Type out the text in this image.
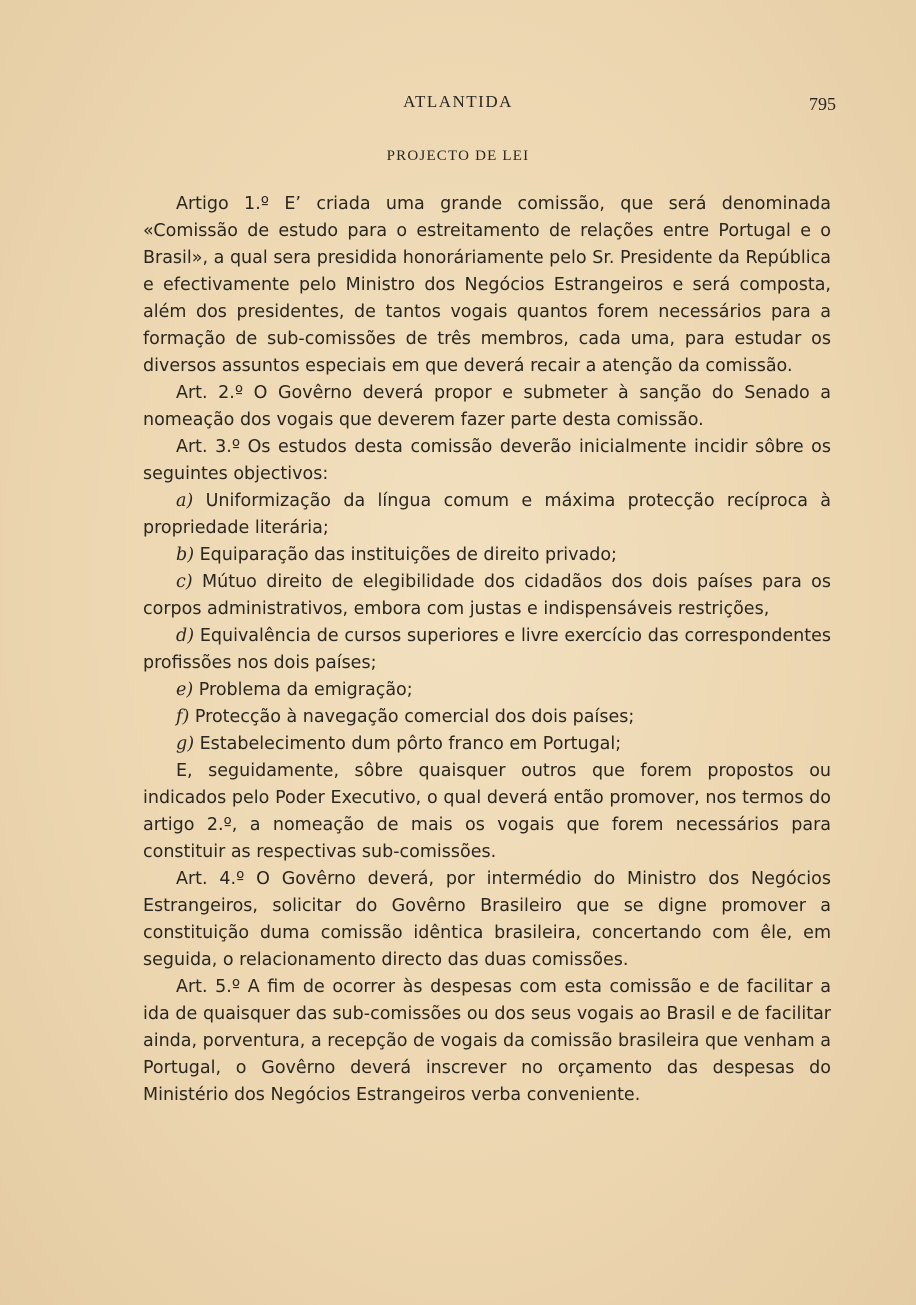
ATLANTIDA	795
PROJECTO DE LEI

Artigo 1.º E’ criada uma grande comissão, que será denominada «Comissão de estudo para o estreitamento de relações entre Portugal e o Brasil», a qual sera presidida honoráriamente pelo Sr. Presidente da República e efectivamente pelo Ministro dos Negócios Estrangeiros e será composta, além dos presidentes, de tantos vogais quantos forem necessários para a formação de sub-comissões de três membros, cada uma, para estudar os diversos assuntos especiais em que deverá recair a atenção da comissão.

Art. 2.º O Govêrno deverá propor e submeter à sanção do Senado a nomeação dos vogais que deverem fazer parte desta comissão.

Art. 3.º Os estudos desta comissão deverão inicialmente incidir sôbre os seguintes objectivos:

a) Uniformização da língua comum e máxima protecção recíproca à propriedade literária;

b) Equiparação das instituições de direito privado;

c) Mútuo direito de elegibilidade dos cidadãos dos dois países para os corpos administrativos, embora com justas e indispensáveis restrições,

d) Equivalência de cursos superiores e livre exercício das correspondentes profissões nos dois países;

e) Problema da emigração;

f) Protecção à navegação comercial dos dois países;

g) Estabelecimento dum pôrto franco em Portugal;

E, seguidamente, sôbre quaisquer outros que forem propostos ou indicados pelo Poder Executivo, o qual deverá então promover, nos termos do artigo 2.º, a nomeação de mais os vogais que forem necessários para constituir as respectivas sub-comissões.

Art. 4.º O Govêrno deverá, por intermédio do Ministro dos Negócios Estrangeiros, solicitar do Govêrno Brasileiro que se digne promover a constituição duma comissão idêntica brasileira, concertando com êle, em seguida, o relacionamento directo das duas comissões.

Art. 5.º A fim de ocorrer às despesas com esta comissão e de facilitar a ida de quaisquer das sub-comissões ou dos seus vogais ao Brasil e de facilitar ainda, porventura, a recepção de vogais da comissão brasileira que venham a Portugal, o Govêrno deverá inscrever no orçamento das despesas do Ministério dos Negócios Estrangeiros verba conveniente.
